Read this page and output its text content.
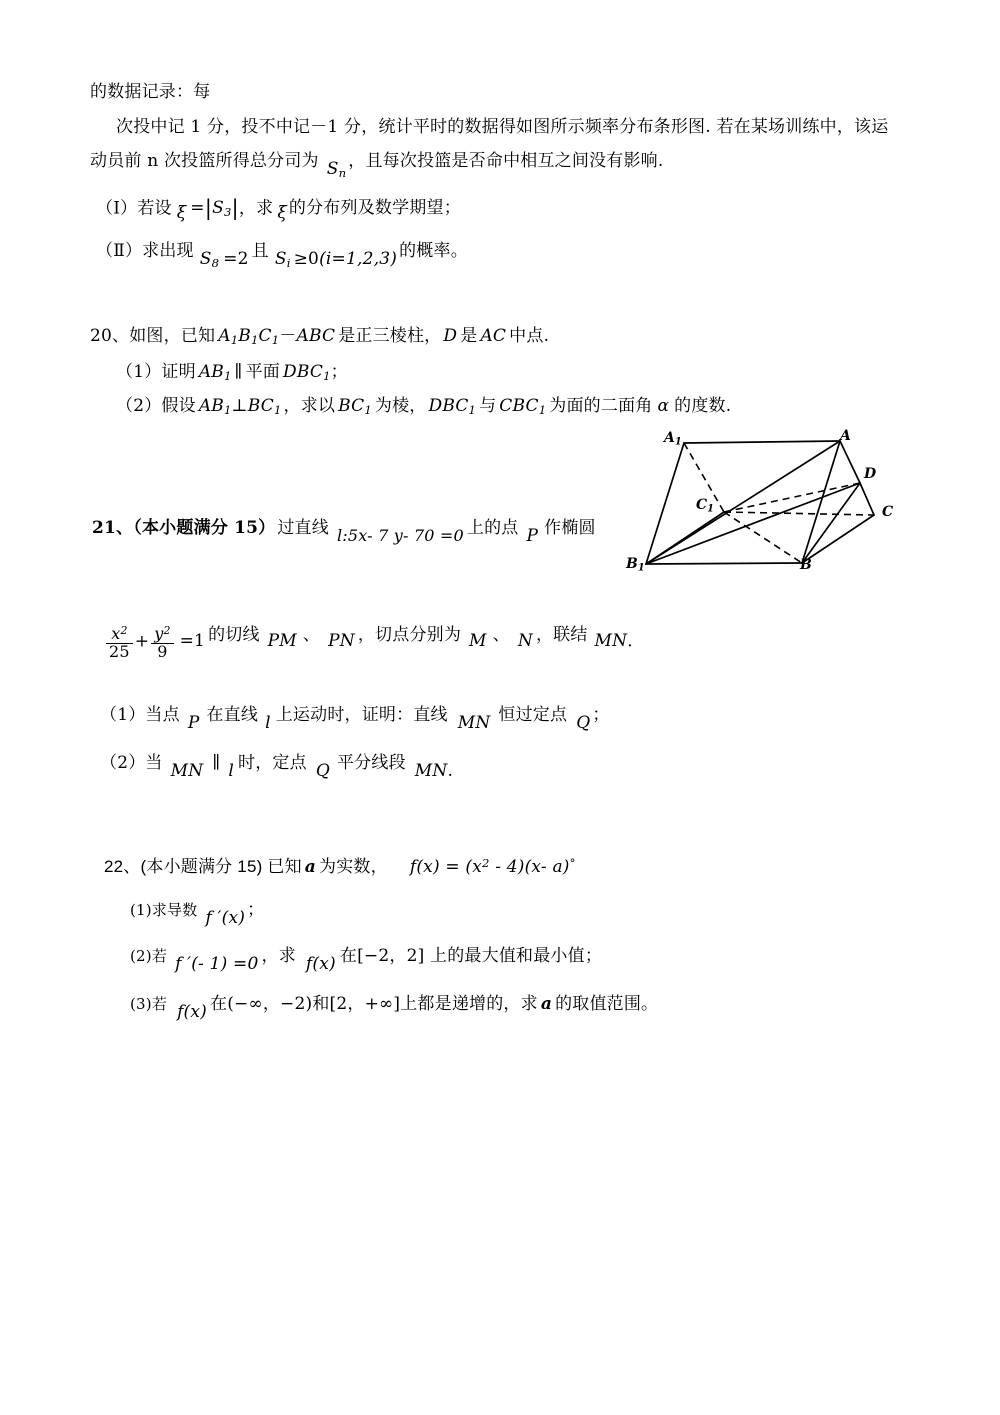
的数据记录：每
次投中记 1 分，投不中记－1 分，统计平时的数据得如图所示频率分布条形图. 若在某场训练中，该运
动员前 n 次投篮所得总分司为 $S_n$，且每次投篮是否命中相互之间没有影响.
（Ⅰ）若设 $\xi =|S_3|$，求 ξ 的分布列及数学期望；
（Ⅱ）求出现 $S_8 =2$ 且 $S_i \ge 0(i=1,2,3)$ 的概率。
20、如图，已知 $A_1B_1C_1-ABC$ 是正三棱柱， D 是 AC 中点.
（1）证明 $AB_1$ ∥ 平面 $DBC_1$；
（2）假设 $AB_1\perp BC_1$ ，求以 $BC_1$ 为棱， $DBC_1$ 与 $CBC_1$ 为面的二面角 α 的度数.
$A_1$	A
D
$C_1$	C
$B_1$	B
21、（本小题满分 15） 过直线 l:5x- 7 y- 70 =0 上的点 P 作椭圆
$\frac{x^2}{25} + \frac{y^2}{9} =1$ 的切线 PM 、 PN ，切点分别为 M 、 N ，联结 MN.
（1）当点 P 在直线 l 上运动时，证明：直线 MN 恒过定点 Q ；
（2）当 MN ∥ l 时，定点 Q 平分线段 MN.
22、(本小题满分 15) 已知 a 为实数， $f(x) = (x^2 - 4)(x-$ a)°
(1)求导数 f ′(x) ；
(2)若 f ′(- 1) =0 ，求 f(x) 在[−2，2] 上的最大值和最小值；
(3)若 f(x) 在(−∞，−2)和[2，+∞]上都是递增的，求 a 的取值范围。
